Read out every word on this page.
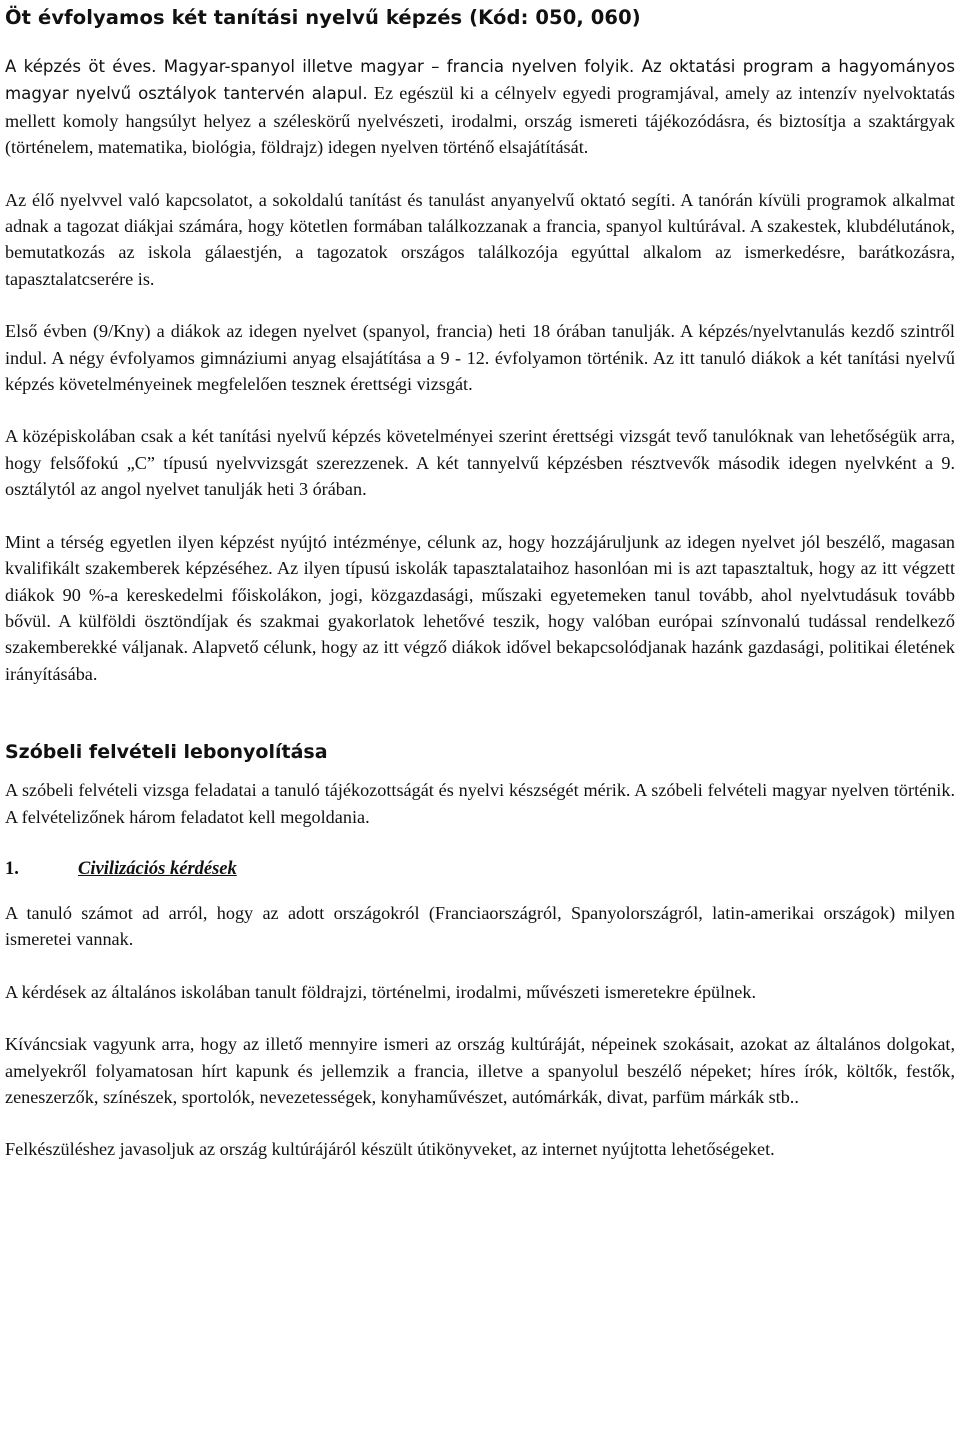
Öt évfolyamos két tanítási nyelvű képzés (Kód: 050, 060)

A képzés öt éves. Magyar-spanyol illetve magyar – francia nyelven folyik. Az oktatási program a hagyományos magyar nyelvű osztályok tantervén alapul. Ez egészül ki a célnyelv egyedi programjával, amely az intenzív nyelvoktatás mellett komoly hangsúlyt helyez a széleskörű nyelvészeti, irodalmi, ország ismereti tájékozódásra, és biztosítja a szaktárgyak (történelem, matematika, biológia, földrajz) idegen nyelven történő elsajátítását.

Az élő nyelvvel való kapcsolatot, a sokoldalú tanítást és tanulást anyanyelvű oktató segíti. A tanórán kívüli programok alkalmat adnak a tagozat diákjai számára, hogy kötetlen formában találkozzanak a francia, spanyol kultúrával. A szakestek, klubdélutánok, bemutatkozás az iskola gálaestjén, a tagozatok országos találkozója egyúttal alkalom az ismerkedésre, barátkozásra, tapasztalatcserére is.

Első évben (9/Kny) a diákok az idegen nyelvet (spanyol, francia) heti 18 órában tanulják. A képzés/nyelvtanulás kezdő szintről indul. A négy évfolyamos gimnáziumi anyag elsajátítása a 9 - 12. évfolyamon történik. Az itt tanuló diákok a két tanítási nyelvű képzés követelményeinek megfelelően tesznek érettségi vizsgát.

A középiskolában csak a két tanítási nyelvű képzés követelményei szerint érettségi vizsgát tevő tanulóknak van lehetőségük arra, hogy felsőfokú „C” típusú nyelvvizsgát szerezzenek. A két tannyelvű képzésben résztvevők második idegen nyelvként a 9. osztálytól az angol nyelvet tanulják heti 3 órában.

Mint a térség egyetlen ilyen képzést nyújtó intézménye, célunk az, hogy hozzájáruljunk az idegen nyelvet jól beszélő, magasan kvalifikált szakemberek képzéséhez. Az ilyen típusú iskolák tapasztalataihoz hasonlóan mi is azt tapasztaltuk, hogy az itt végzett diákok 90 %-a kereskedelmi főiskolákon, jogi, közgazdasági, műszaki egyetemeken tanul tovább, ahol nyelvtudásuk tovább bővül. A külföldi ösztöndíjak és szakmai gyakorlatok lehetővé teszik, hogy valóban európai színvonalú tudással rendelkező szakemberekké váljanak. Alapvető célunk, hogy az itt végző diákok idővel bekapcsolódjanak hazánk gazdasági, politikai életének irányításába.

Szóbeli felvételi lebonyolítása

A szóbeli felvételi vizsga feladatai a tanuló tájékozottságát és nyelvi készségét mérik. A szóbeli felvételi magyar nyelven történik. A felvételizőnek három feladatot kell megoldania.

1.	Civilizációs kérdések

A tanuló számot ad arról, hogy az adott országokról (Franciaországról, Spanyolországról, latin-amerikai országok) milyen ismeretei vannak.

A kérdések az általános iskolában tanult földrajzi, történelmi, irodalmi, művészeti ismeretekre épülnek.

Kíváncsiak vagyunk arra, hogy az illető mennyire ismeri az ország kultúráját, népeinek szokásait, azokat az általános dolgokat, amelyekről folyamatosan hírt kapunk és jellemzik a francia, illetve a spanyolul beszélő népeket; híres írók, költők, festők, zeneszerzők, színészek, sportolók, nevezetességek, konyhaművészet, autómárkák, divat, parfüm márkák stb..

Felkészüléshez javasoljuk az ország kultúrájáról készült útikönyveket, az internet nyújtotta lehetőségeket.
